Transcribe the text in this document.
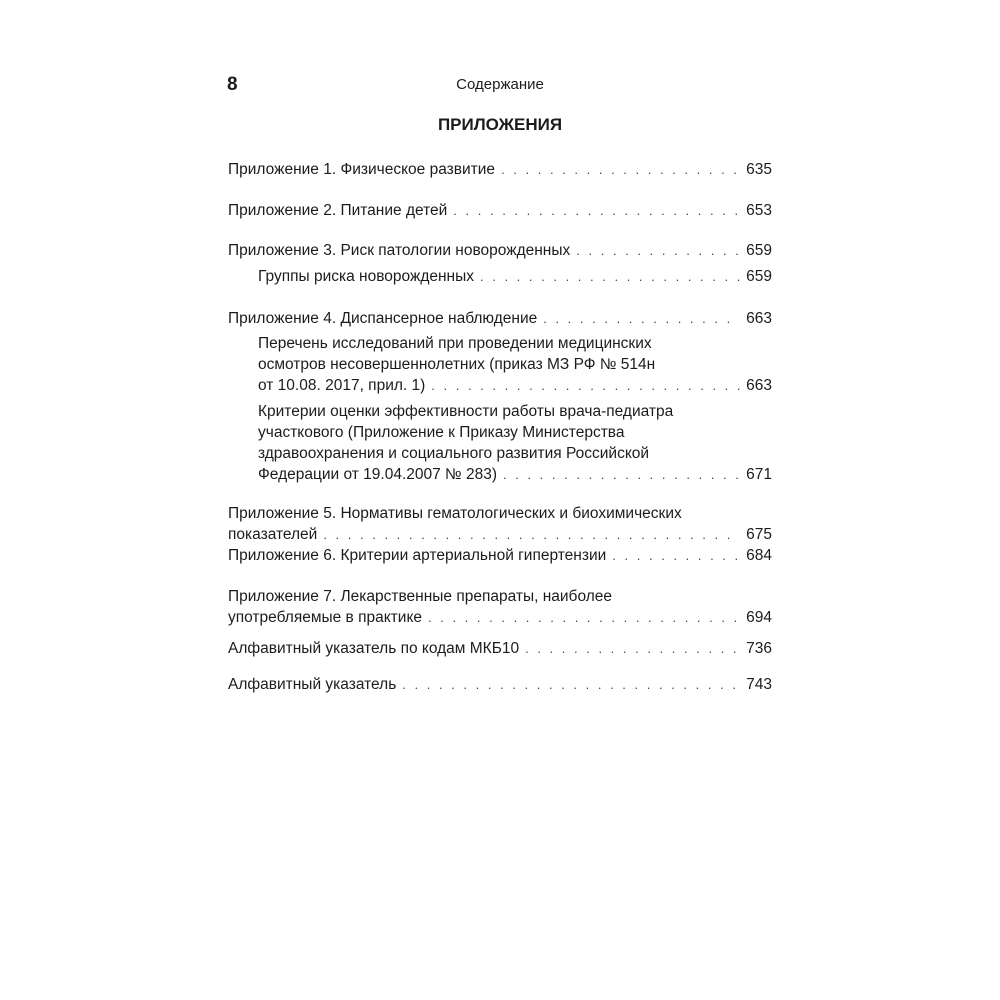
8	Содержание
ПРИЛОЖЕНИЯ
Приложение 1. Физическое развитие . . .	635
Приложение 2. Питание детей . . .	653
Приложение 3. Риск патологии новорожденных . . .	659
Группы риска новорожденных . . .	659
Приложение 4. Диспансерное наблюдение . . .	663
Перечень исследований при проведении медицинских
осмотров несовершеннолетних (приказ МЗ РФ № 514н
от 10.08. 2017, прил. 1) . . .	663
Критерии оценки эффективности работы врача-педиатра
участкового (Приложение к Приказу Министерства
здравоохранения и социального развития Российской
Федерации от 19.04.2007 № 283) . . .	671
Приложение 5. Нормативы гематологических и биохимических
показателей . . .	675
Приложение 6. Критерии артериальной гипертензии . . .	684
Приложение 7. Лекарственные препараты, наиболее
употребляемые в практике . . .	694
Алфавитный указатель по кодам МКБ10 . . .	736
Алфавитный указатель . . .	743
